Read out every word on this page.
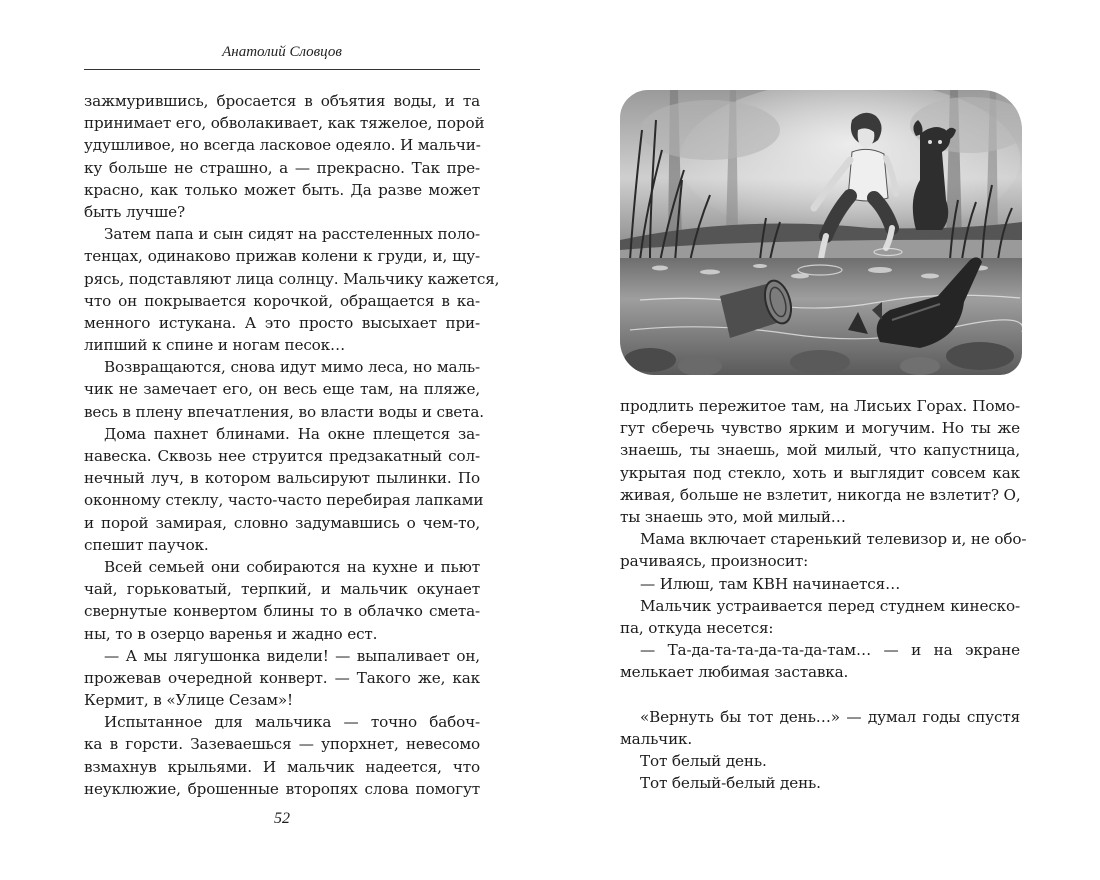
Анатолий Словцов
зажмурившись, бросается в объятия воды, и та
принимает его, обволакивает, как тяжелое, порой
удушливое, но всегда ласковое одеяло. И мальчи-
ку больше не страшно, а — прекрасно. Так пре-
красно, как только может быть. Да разве может
быть лучше?
Затем папа и сын сидят на расстеленных поло-
тенцах, одинаково прижав колени к груди, и, щу-
рясь, подставляют лица солнцу. Мальчику кажется,
что он покрывается корочкой, обращается в ка-
менного истукана. А это просто высыхает при-
липший к спине и ногам песок…
Возвращаются, снова идут мимо леса, но маль-
чик не замечает его, он весь еще там, на пляже,
весь в плену впечатления, во власти воды и света.
Дома пахнет блинами. На окне плещется за-
навеска. Сквозь нее струится предзакатный сол-
нечный луч, в котором вальсируют пылинки. По
оконному стеклу, часто-часто перебирая лапками
и порой замирая, словно задумавшись о чем-то,
спешит паучок.
Всей семьей они собираются на кухне и пьют
чай, горьковатый, терпкий, и мальчик окунает
свернутые конвертом блины то в облачко смета-
ны, то в озерцо варенья и жадно ест.
— А мы лягушонка видели! — выпаливает он,
прожевав очередной конверт. — Такого же, как
Кермит, в «Улице Сезам»!
Испытанное для мальчика — точно бабоч-
ка в горсти. Зазеваешься — упорхнет, невесомо
взмахнув крыльями. И мальчик надеется, что
неуклюжие, брошенные второпях слова помогут
52
продлить пережитое там, на Лисьих Горах. Помо-
гут сберечь чувство ярким и могучим. Но ты же
знаешь, ты знаешь, мой милый, что капустница,
укрытая под стекло, хоть и выглядит совсем как
живая, больше не взлетит, никогда не взлетит? О,
ты знаешь это, мой милый…
Мама включает старенький телевизор и, не обо-
рачиваясь, произносит:
— Илюш, там КВН начинается…
Мальчик устраивается перед студнем кинеско-
па, откуда несется:
— Та-да-та-та-да-та-да-там… — и на экране
мелькает любимая заставка.
«Вернуть бы тот день…» — думал годы спустя
мальчик.
Тот белый день.
Тот белый-белый день.
